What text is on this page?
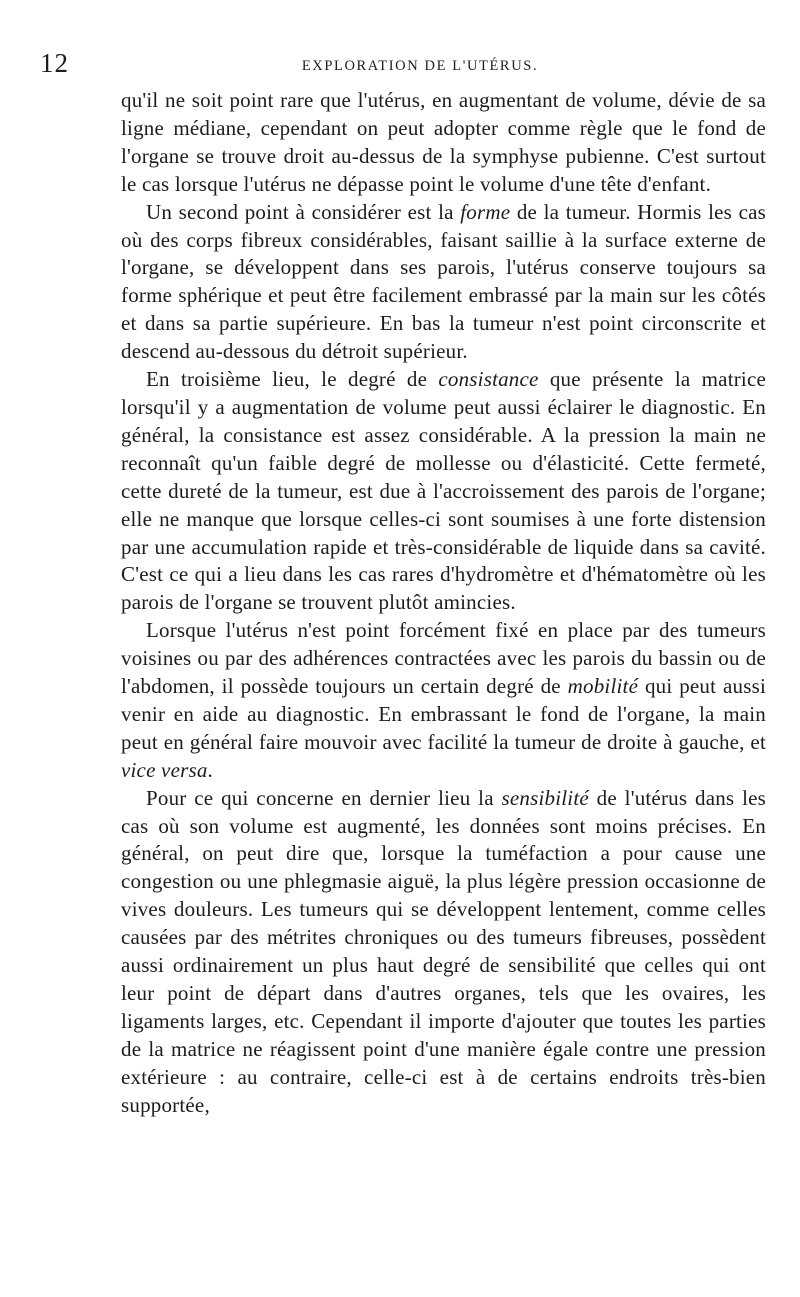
12	EXPLORATION DE L'UTÉRUS.

qu'il ne soit point rare que l'utérus, en augmentant de volume, dévie de sa ligne médiane, cependant on peut adopter comme règle que le fond de l'organe se trouve droit au-dessus de la symphyse pubienne. C'est surtout le cas lorsque l'utérus ne dépasse point le volume d'une tête d'enfant.

Un second point à considérer est la forme de la tumeur. Hormis les cas où des corps fibreux considérables, faisant saillie à la surface externe de l'organe, se développent dans ses parois, l'utérus conserve toujours sa forme sphérique et peut être facilement embrassé par la main sur les côtés et dans sa partie supérieure. En bas la tumeur n'est point circonscrite et descend au-dessous du détroit supérieur.

En troisième lieu, le degré de consistance que présente la matrice lorsqu'il y a augmentation de volume peut aussi éclairer le diagnostic. En général, la consistance est assez considérable. A la pression la main ne reconnaît qu'un faible degré de mollesse ou d'élasticité. Cette fermeté, cette dureté de la tumeur, est due à l'accroissement des parois de l'organe; elle ne manque que lorsque celles-ci sont soumises à une forte distension par une accumulation rapide et très-considérable de liquide dans sa cavité. C'est ce qui a lieu dans les cas rares d'hydromètre et d'hématomètre où les parois de l'organe se trouvent plutôt amincies.

Lorsque l'utérus n'est point forcément fixé en place par des tumeurs voisines ou par des adhérences contractées avec les parois du bassin ou de l'abdomen, il possède toujours un certain degré de mobilité qui peut aussi venir en aide au diagnostic. En embrassant le fond de l'organe, la main peut en général faire mouvoir avec facilité la tumeur de droite à gauche, et vice versa.

Pour ce qui concerne en dernier lieu la sensibilité de l'utérus dans les cas où son volume est augmenté, les données sont moins précises. En général, on peut dire que, lorsque la tuméfaction a pour cause une congestion ou une phlegmasie aiguë, la plus légère pression occasionne de vives douleurs. Les tumeurs qui se développent lentement, comme celles causées par des métrites chroniques ou des tumeurs fibreuses, possèdent aussi ordinairement un plus haut degré de sensibilité que celles qui ont leur point de départ dans d'autres organes, tels que les ovaires, les ligaments larges, etc. Cependant il importe d'ajouter que toutes les parties de la matrice ne réagissent point d'une manière égale contre une pression extérieure : au contraire, celle-ci est à de certains endroits très-bien supportée,
